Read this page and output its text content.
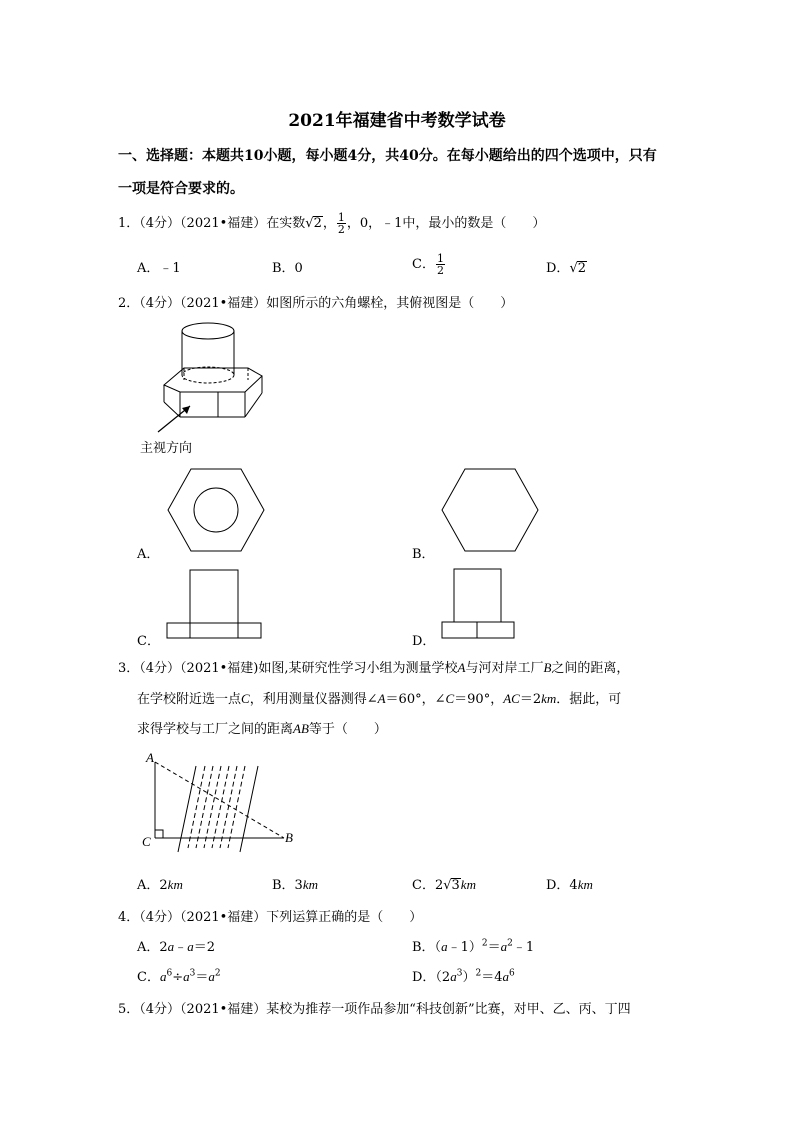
2021年福建省中考数学试卷
一、选择题：本题共10小题，每小题4分，共40分。在每小题给出的四个选项中，只有
一项是符合要求的。
1．（4分）（2021•福建）在实数√2， $\frac{1}{2}$ ，0，﹣1中，最小的数是（　　）
A．﹣1	B．0	C． $\frac{1}{2}$	D．√2
2．（4分）（2021•福建）如图所示的六角螺栓，其俯视图是（　　）
主视方向
A．	B．
C．	D．
3．（4分）（2021•福建)如图,某研究性学习小组为测量学校A与河对岸工厂B之间的距离，
在学校附近选一点C，利用测量仪器测得∠A＝60°，∠C＝90°，AC＝2km．据此，可
求得学校与工厂之间的距离AB等于（　　）
A
C	B
A．2km	B．3km	C．2√3km	D．4km
4．（4分）（2021•福建）下列运算正确的是（　　）
A．2a﹣a＝2	B．$(a﹣1)^2=a^2﹣1$
C．$a^6\div a^3=a^2$	D．$(2a^3)^2=4a^6$
5．（4分）（2021•福建）某校为推荐一项作品参加“科技创新”比赛，对甲、乙、丙、丁四
